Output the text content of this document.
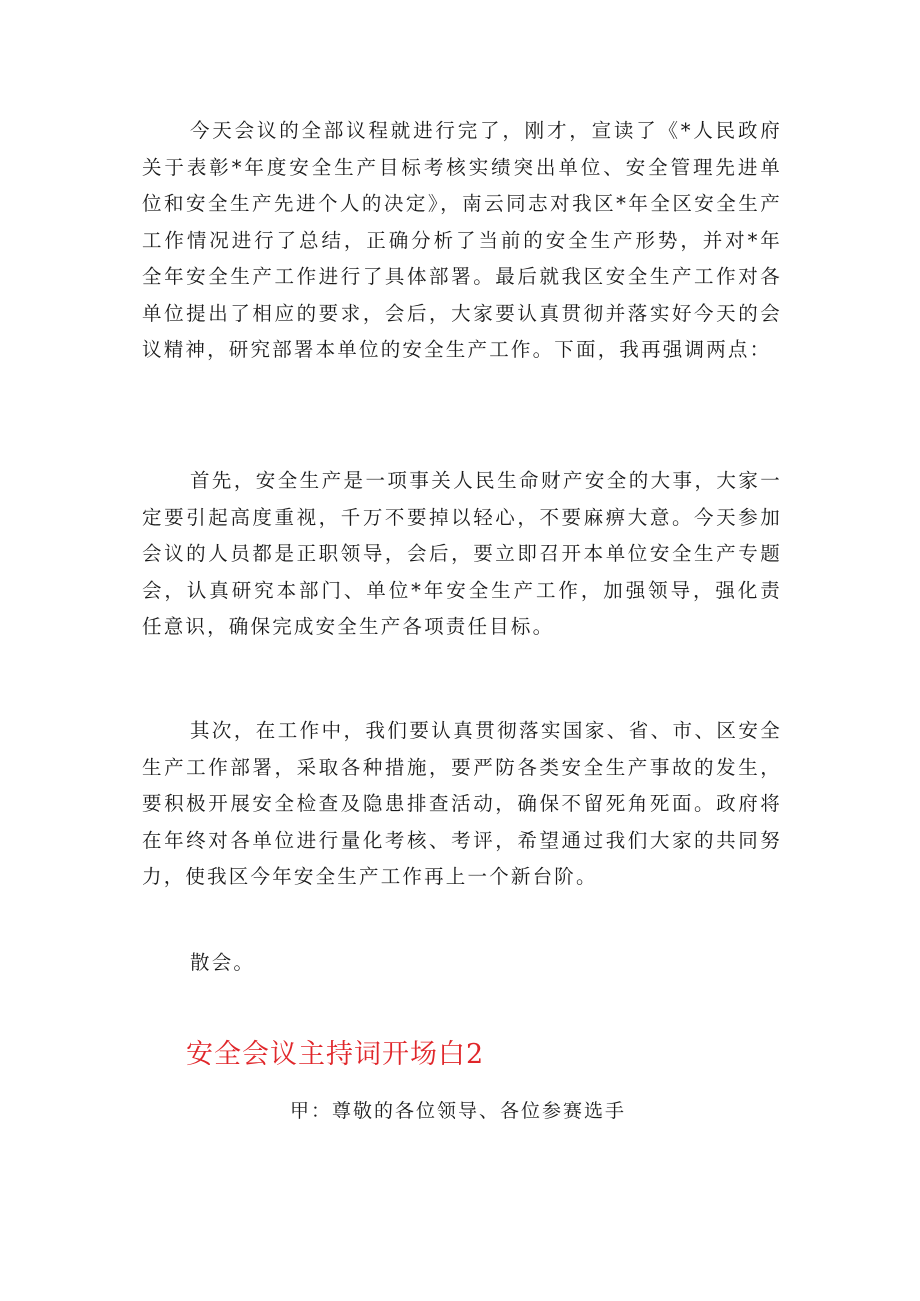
今天会议的全部议程就进行完了，刚才，宣读了《*人民政府关于表彰*年度安全生产目标考核实绩突出单位、安全管理先进单位和安全生产先进个人的决定》，南云同志对我区*年全区安全生产工作情况进行了总结，正确分析了当前的安全生产形势，并对*年全年安全生产工作进行了具体部署。最后就我区安全生产工作对各单位提出了相应的要求，会后，大家要认真贯彻并落实好今天的会议精神，研究部署本单位的安全生产工作。下面，我再强调两点：

首先，安全生产是一项事关人民生命财产安全的大事，大家一定要引起高度重视，千万不要掉以轻心，不要麻痹大意。今天参加会议的人员都是正职领导，会后，要立即召开本单位安全生产专题会，认真研究本部门、单位*年安全生产工作，加强领导，强化责任意识，确保完成安全生产各项责任目标。

其次，在工作中，我们要认真贯彻落实国家、省、市、区安全生产工作部署，采取各种措施，要严防各类安全生产事故的发生，要积极开展安全检查及隐患排查活动，确保不留死角死面。政府将在年终对各单位进行量化考核、考评，希望通过我们大家的共同努力，使我区今年安全生产工作再上一个新台阶。

散会。

安全会议主持词开场白2

甲：尊敬的各位领导、各位参赛选手
